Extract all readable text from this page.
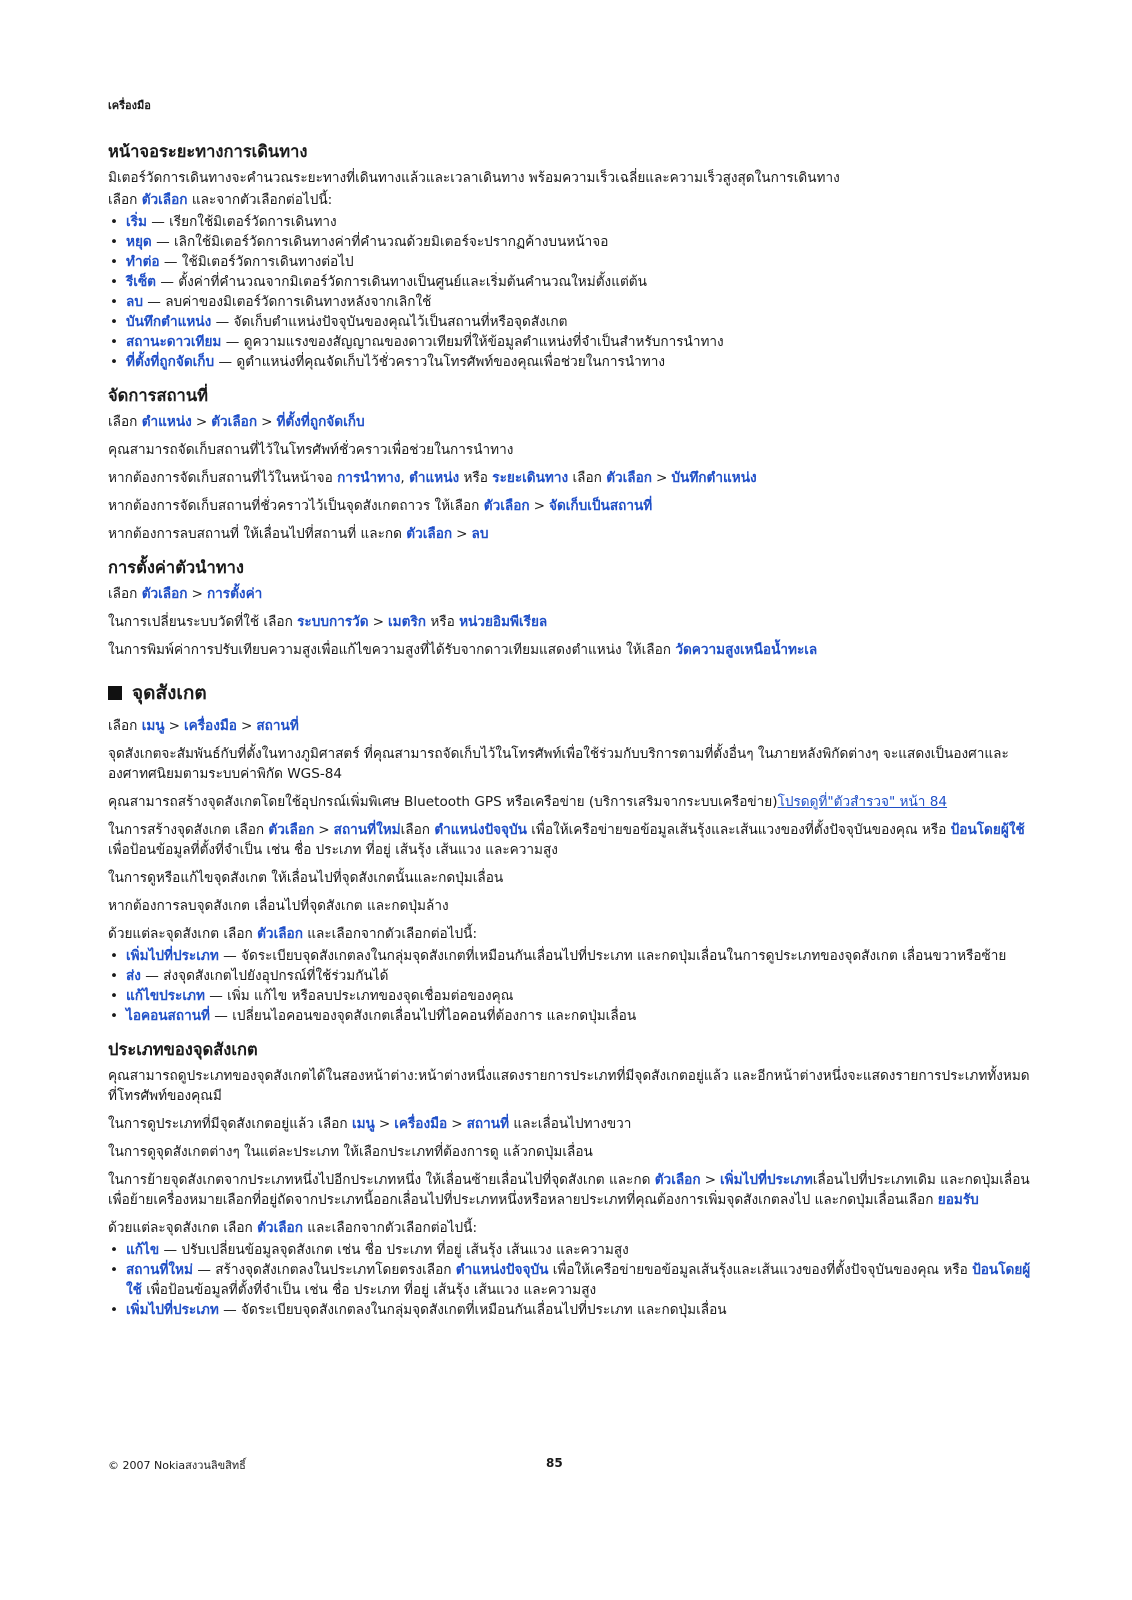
เครื่องมือ
หน้าจอระยะทางการเดินทาง

มิเตอร์วัดการเดินทางจะคำนวณระยะทางที่เดินทางแล้วและเวลาเดินทาง พร้อมความเร็วเฉลี่ยและความเร็วสูงสุดในการเดินทาง

เลือก ตัวเลือก และจากตัวเลือกต่อไปนี้:

• เริ่ม — เรียกใช้มิเตอร์วัดการเดินทาง
• หยุด — เลิกใช้มิเตอร์วัดการเดินทางค่าที่คำนวณด้วยมิเตอร์จะปรากฏค้างบนหน้าจอ
• ทำต่อ — ใช้มิเตอร์วัดการเดินทางต่อไป
• รีเซ็ต — ตั้งค่าที่คำนวณจากมิเตอร์วัดการเดินทางเป็นศูนย์และเริ่มต้นคำนวณใหม่ตั้งแต่ต้น
• ลบ — ลบค่าของมิเตอร์วัดการเดินทางหลังจากเลิกใช้
• บันทึกตำแหน่ง — จัดเก็บตำแหน่งปัจจุบันของคุณไว้เป็นสถานที่หรือจุดสังเกต
• สถานะดาวเทียม — ดูความแรงของสัญญาณของดาวเทียมที่ให้ข้อมูลตำแหน่งที่จำเป็นสำหรับการนำทาง
• ที่ตั้งที่ถูกจัดเก็บ — ดูตำแหน่งที่คุณจัดเก็บไว้ชั่วคราวในโทรศัพท์ของคุณเพื่อช่วยในการนำทาง
จัดการสถานที่

เลือก ตำแหน่ง > ตัวเลือก > ที่ตั้งที่ถูกจัดเก็บ

คุณสามารถจัดเก็บสถานที่ไว้ในโทรศัพท์ชั่วคราวเพื่อช่วยในการนำทาง

หากต้องการจัดเก็บสถานที่ไว้ในหน้าจอ การนำทาง, ตำแหน่ง หรือ ระยะเดินทาง เลือก ตัวเลือก > บันทึกตำแหน่ง

หากต้องการจัดเก็บสถานที่ชั่วคราวไว้เป็นจุดสังเกตถาวร ให้เลือก ตัวเลือก > จัดเก็บเป็นสถานที่

หากต้องการลบสถานที่ ให้เลื่อนไปที่สถานที่ และกด ตัวเลือก > ลบ

การตั้งค่าตัวนำทาง

เลือก ตัวเลือก > การตั้งค่า

ในการเปลี่ยนระบบวัดที่ใช้ เลือก ระบบการวัด > เมตริก หรือ หน่วยอิมพีเรียล

ในการพิมพ์ค่าการปรับเทียบความสูงเพื่อแก้ไขความสูงที่ได้รับจากดาวเทียมแสดงตำแหน่ง ให้เลือก วัดความสูงเหนือน้ำทะเล

จุดสังเกต

เลือก เมนู > เครื่องมือ > สถานที่

จุดสังเกตจะสัมพันธ์กับที่ตั้งในทางภูมิศาสตร์ ที่คุณสามารถจัดเก็บไว้ในโทรศัพท์เพื่อใช้ร่วมกับบริการตามที่ตั้งอื่นๆ ในภายหลังพิกัดต่างๆ จะแสดงเป็นองศาและองศาทศนิยมตามระบบค่าพิกัด WGS-84

คุณสามารถสร้างจุดสังเกตโดยใช้อุปกรณ์เพิ่มพิเศษ Bluetooth GPS หรือเครือข่าย (บริการเสริมจากระบบเครือข่าย)โปรดดูที่"ตัวสำรวจ" หน้า 84

ในการสร้างจุดสังเกต เลือก ตัวเลือก > สถานที่ใหม่เลือก ตำแหน่งปัจจุบัน เพื่อให้เครือข่ายขอข้อมูลเส้นรุ้งและเส้นแวงของที่ตั้งปัจจุบันของคุณ หรือ ป้อนโดยผู้ใช้ เพื่อป้อนข้อมูลที่ตั้งที่จำเป็น เช่น ชื่อ ประเภท ที่อยู่ เส้นรุ้ง เส้นแวง และความสูง

ในการดูหรือแก้ไขจุดสังเกต ให้เลื่อนไปที่จุดสังเกตนั้นและกดปุ่มเลื่อน

หากต้องการลบจุดสังเกต เลื่อนไปที่จุดสังเกต และกดปุ่มล้าง

ด้วยแต่ละจุดสังเกต เลือก ตัวเลือก และเลือกจากตัวเลือกต่อไปนี้:

• เพิ่มไปที่ประเภท — จัดระเบียบจุดสังเกตลงในกลุ่มจุดสังเกตที่เหมือนกันเลื่อนไปที่ประเภท และกดปุ่มเลื่อนในการดูประเภทของจุดสังเกต เลื่อนขวาหรือซ้าย
• ส่ง — ส่งจุดสังเกตไปยังอุปกรณ์ที่ใช้ร่วมกันได้
• แก้ไขประเภท — เพิ่ม แก้ไข หรือลบประเภทของจุดเชื่อมต่อของคุณ
• ไอคอนสถานที่ — เปลี่ยนไอคอนของจุดสังเกตเลื่อนไปที่ไอคอนที่ต้องการ และกดปุ่มเลื่อน
ประเภทของจุดสังเกต

คุณสามารถดูประเภทของจุดสังเกตได้ในสองหน้าต่าง:หน้าต่างหนึ่งแสดงรายการประเภทที่มีจุดสังเกตอยู่แล้ว และอีกหน้าต่างหนึ่งจะแสดงรายการประเภททั้งหมดที่โทรศัพท์ของคุณมี

ในการดูประเภทที่มีจุดสังเกตอยู่แล้ว เลือก เมนู > เครื่องมือ > สถานที่ และเลื่อนไปทางขวา

ในการดูจุดสังเกตต่างๆ ในแต่ละประเภท ให้เลือกประเภทที่ต้องการดู แล้วกดปุ่มเลื่อน

ในการย้ายจุดสังเกตจากประเภทหนึ่งไปอีกประเภทหนึ่ง ให้เลื่อนซ้ายเลื่อนไปที่จุดสังเกต และกด ตัวเลือก > เพิ่มไปที่ประเภทเลื่อนไปที่ประเภทเดิม และกดปุ่มเลื่อนเพื่อย้ายเครื่องหมายเลือกที่อยู่ถัดจากประเภทนี้ออกเลื่อนไปที่ประเภทหนึ่งหรือหลายประเภทที่คุณต้องการเพิ่มจุดสังเกตลงไป และกดปุ่มเลื่อนเลือก ยอมรับ

ด้วยแต่ละจุดสังเกต เลือก ตัวเลือก และเลือกจากตัวเลือกต่อไปนี้:

• แก้ไข — ปรับเปลี่ยนข้อมูลจุดสังเกต เช่น ชื่อ ประเภท ที่อยู่ เส้นรุ้ง เส้นแวง และความสูง
• สถานที่ใหม่ — สร้างจุดสังเกตลงในประเภทโดยตรงเลือก ตำแหน่งปัจจุบัน เพื่อให้เครือข่ายขอข้อมูลเส้นรุ้งและเส้นแวงของที่ตั้งปัจจุบันของคุณ หรือ ป้อนโดยผู้ใช้ เพื่อป้อนข้อมูลที่ตั้งที่จำเป็น เช่น ชื่อ ประเภท ที่อยู่ เส้นรุ้ง เส้นแวง และความสูง
• เพิ่มไปที่ประเภท — จัดระเบียบจุดสังเกตลงในกลุ่มจุดสังเกตที่เหมือนกันเลื่อนไปที่ประเภท และกดปุ่มเลื่อน
© 2007 Nokiaสงวนลิขสิทธิ์	85
